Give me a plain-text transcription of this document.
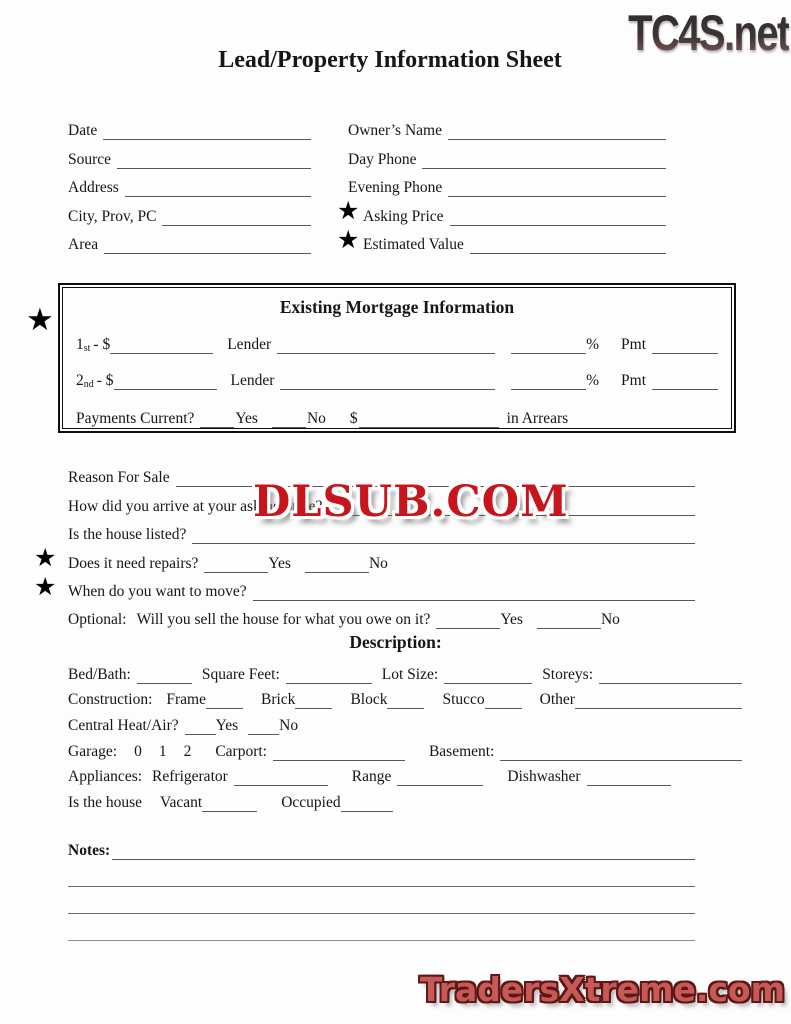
TC4S.net
DLSUB.COM
TradersXtreme.com
Lead/Property Information Sheet
Date
Source
Address
City, Prov, PC
Area
Owner’s Name
Day Phone
Evening Phone
★ Asking Price
★ Estimated Value
★	Existing Mortgage Information
$1_{st}$ - $	Lender	% Pmt
$2_{nd}$ - $	Lender	% Pmt
Payments Current?	Yes	No $	in Arrears
Reason For Sale
How did you arrive at your asking price?
Is the house listed?
★ Does it need repairs?	Yes	No
★ When do you want to move?
Optional: Will you sell the house for what you owe on it?	Yes	No
Description:
Bed/Bath:	Square Feet:	Lot Size:	Storeys:
Construction: Frame	Brick	Block	Stucco	Other
Central Heat/Air? Yes	No
Garage: 0 1 2 Carport:	Basement:
Appliances: Refrigerator	Range	Dishwasher
Is the house Vacant	Occupied
Notes:
